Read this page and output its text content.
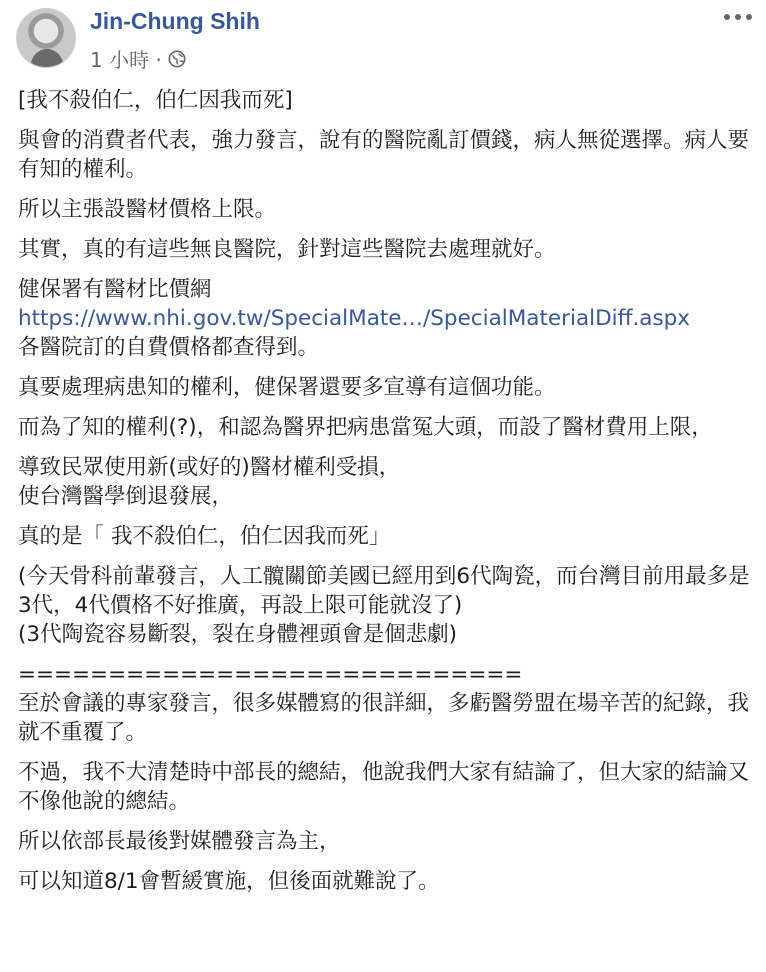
Jin-Chung Shih
1 小時 ·

[我不殺伯仁，伯仁因我而死]

與會的消費者代表，強力發言，說有的醫院亂訂價錢，病人無從選擇。病人要有知的權利。

所以主張設醫材價格上限。

其實，真的有這些無良醫院，針對這些醫院去處理就好。

健保署有醫材比價網
https://www.nhi.gov.tw/SpecialMate…/SpecialMaterialDiff.aspx
各醫院訂的自費價格都查得到。

真要處理病患知的權利，健保署還要多宣導有這個功能。

而為了知的權利(?)，和認為醫界把病患當冤大頭，而設了醫材費用上限，

導致民眾使用新(或好的)醫材權利受損，
使台灣醫學倒退發展，

真的是「 我不殺伯仁，伯仁因我而死」

(今天骨科前輩發言，人工髖關節美國已經用到6代陶瓷，而台灣目前用最多是3代，4代價格不好推廣，再設上限可能就沒了)
(3代陶瓷容易斷裂，裂在身體裡頭會是個悲劇)

============================
至於會議的專家發言，很多媒體寫的很詳細，多虧醫勞盟在場辛苦的紀錄，我就不重覆了。

不過，我不大清楚時中部長的總結，他說我們大家有結論了，但大家的結論又不像他說的總結。

所以依部長最後對媒體發言為主，

可以知道8/1會暫緩實施，但後面就難說了。
